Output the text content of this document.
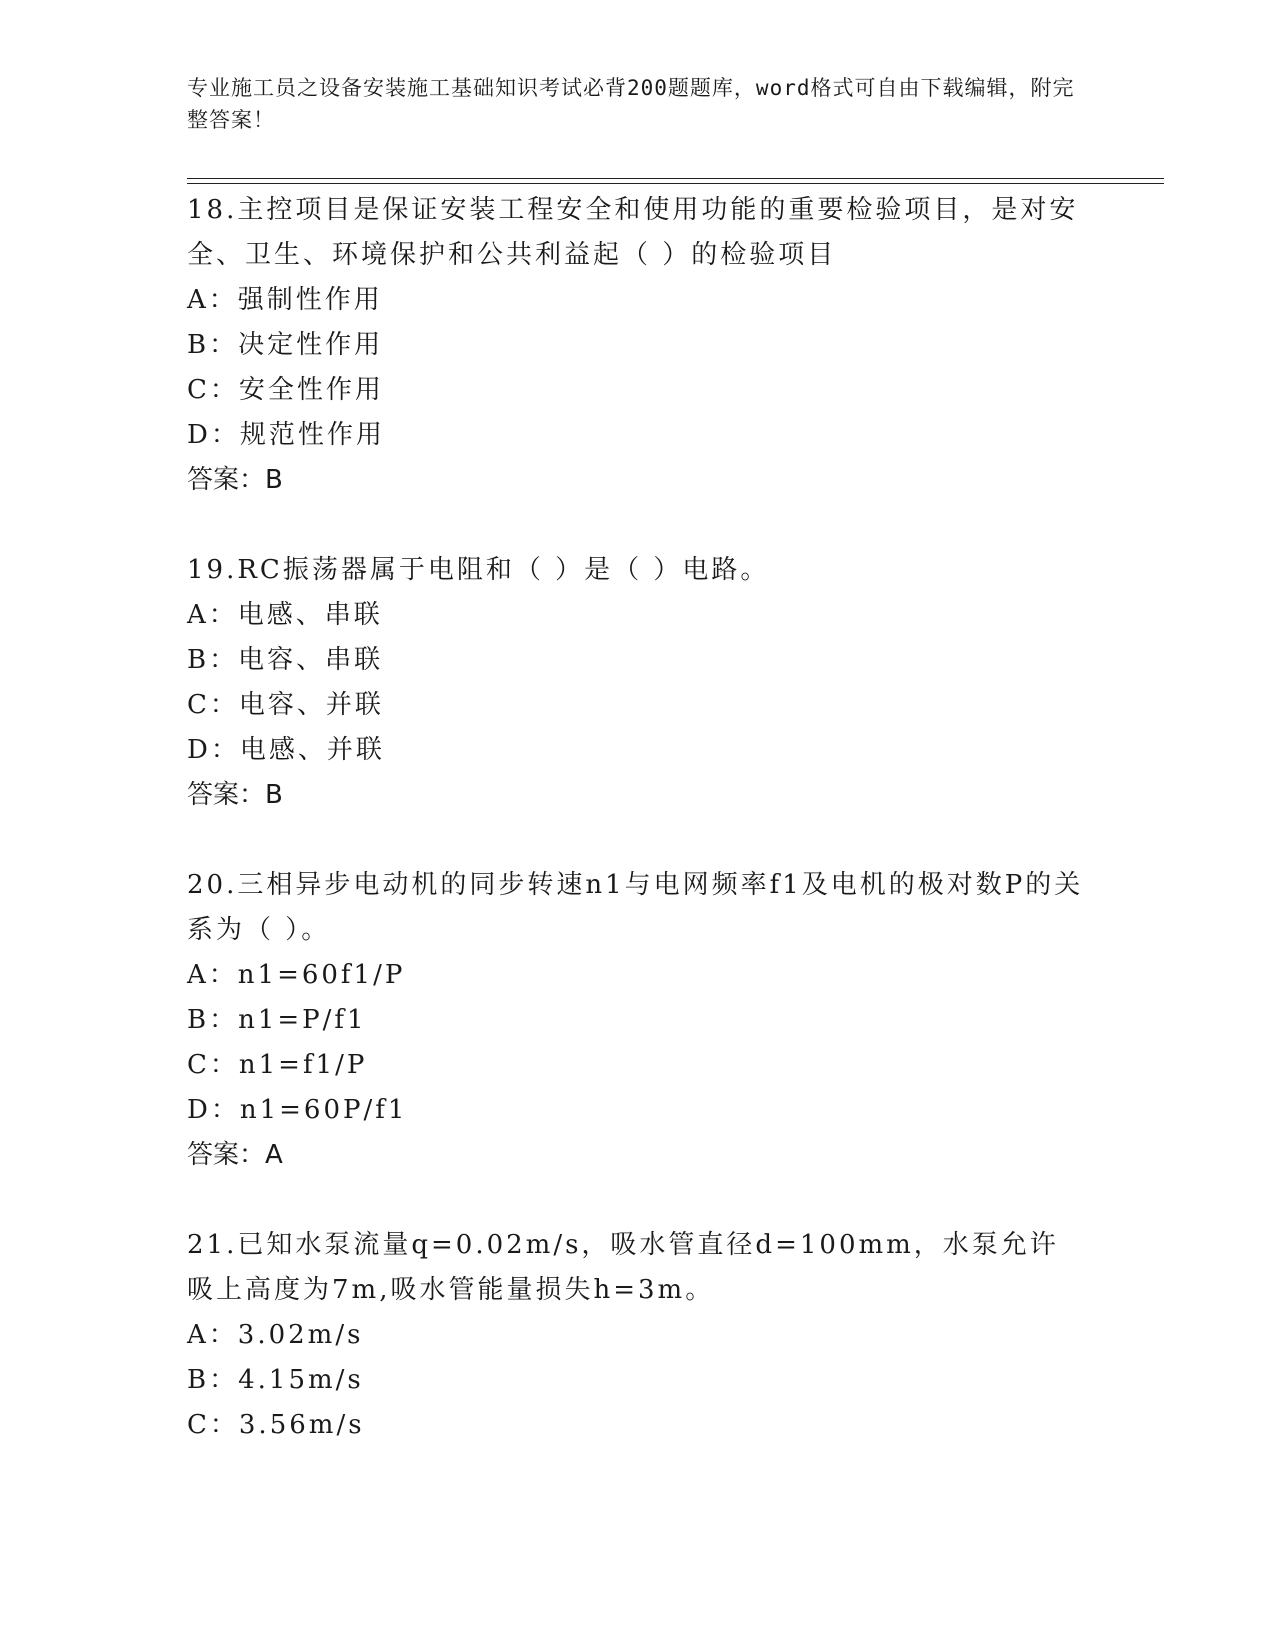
专业施工员之设备安装施工基础知识考试必背200题题库，word格式可自由下载编辑，附完整答案！

18.主控项目是保证安装工程安全和使用功能的重要检验项目，是对安全、卫生、环境保护和公共利益起（ ）的检验项目

A：强制性作用

B：决定性作用

C：安全性作用

D：规范性作用

答案：B

19.RC振荡器属于电阻和（ ）是（ ）电路。

A：电感、串联

B：电容、串联

C：电容、并联

D：电感、并联

答案：B

20.三相异步电动机的同步转速n1与电网频率f1及电机的极对数P的关系为（ ）。

A：n1=60f1/P

B：n1=P/f1

C：n1=f1/P

D：n1=60P/f1

答案：A

21.已知水泵流量q=0.02m/s，吸水管直径d=100mm，水泵允许吸上高度为7m,吸水管能量损失h=3m。

A：3.02m/s

B：4.15m/s

C：3.56m/s
